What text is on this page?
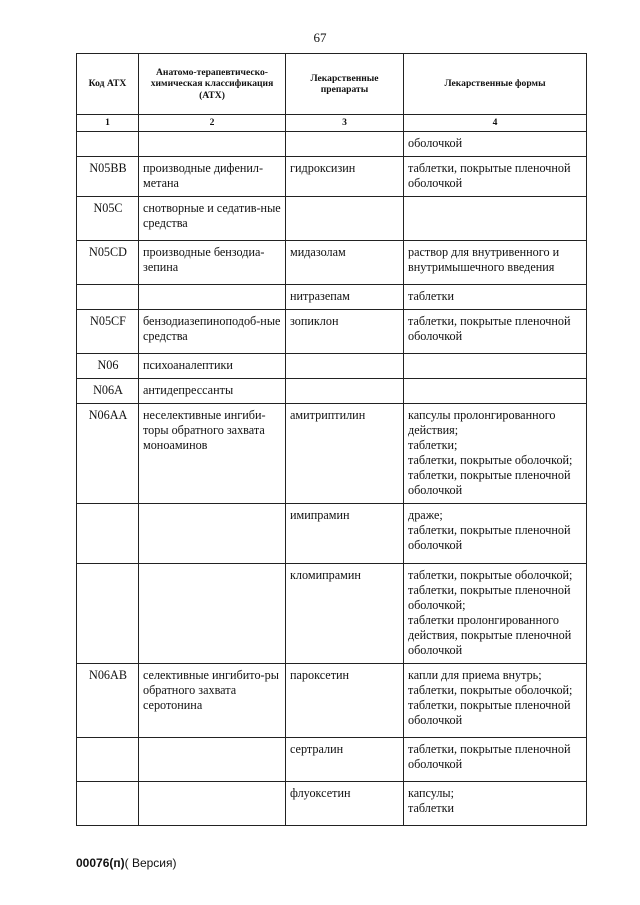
67
Код АТХ	Анатомо-терапевтическо-химическая классификация (АТХ)	Лекарственные препараты	Лекарственные формы
1	2	3	4

			оболочкой

N05BB	производные дифенил-метана	гидроксизин	таблетки, покрытые пленочной оболочкой

N05C	снотворные и седатив-ные средства		
N05CD	производные бензодиа-зепина	мидазолам	раствор для внутривенного и внутримышечного введения

		нитразепам	таблетки

N05CF	бензодиазепиноподоб-ные средства	зопиклон	таблетки, покрытые пленочной оболочкой

N06	психоаналептики		
N06A	антидепрессанты		
N06AA	неселективные ингиби-торы обратного захвата моноаминов	амитриптилин	капсулы пролонгированного действия;
таблетки;
таблетки, покрытые оболочкой;
таблетки, покрытые пленочной оболочкой

		имипрамин	драже;
таблетки, покрытые пленочной оболочкой

		кломипрамин	таблетки, покрытые оболочкой;
таблетки, покрытые пленочной оболочкой;
таблетки пролонгированного действия, покрытые пленочной оболочкой

N06AB	селективные ингибито-ры обратного захвата серотонина	пароксетин	капли для приема внутрь;
таблетки, покрытые оболочкой;
таблетки, покрытые пленочной оболочкой

		сертралин	таблетки, покрытые пленочной оболочкой

		флуоксетин	капсулы;
таблетки
00076(п)( Версия)
